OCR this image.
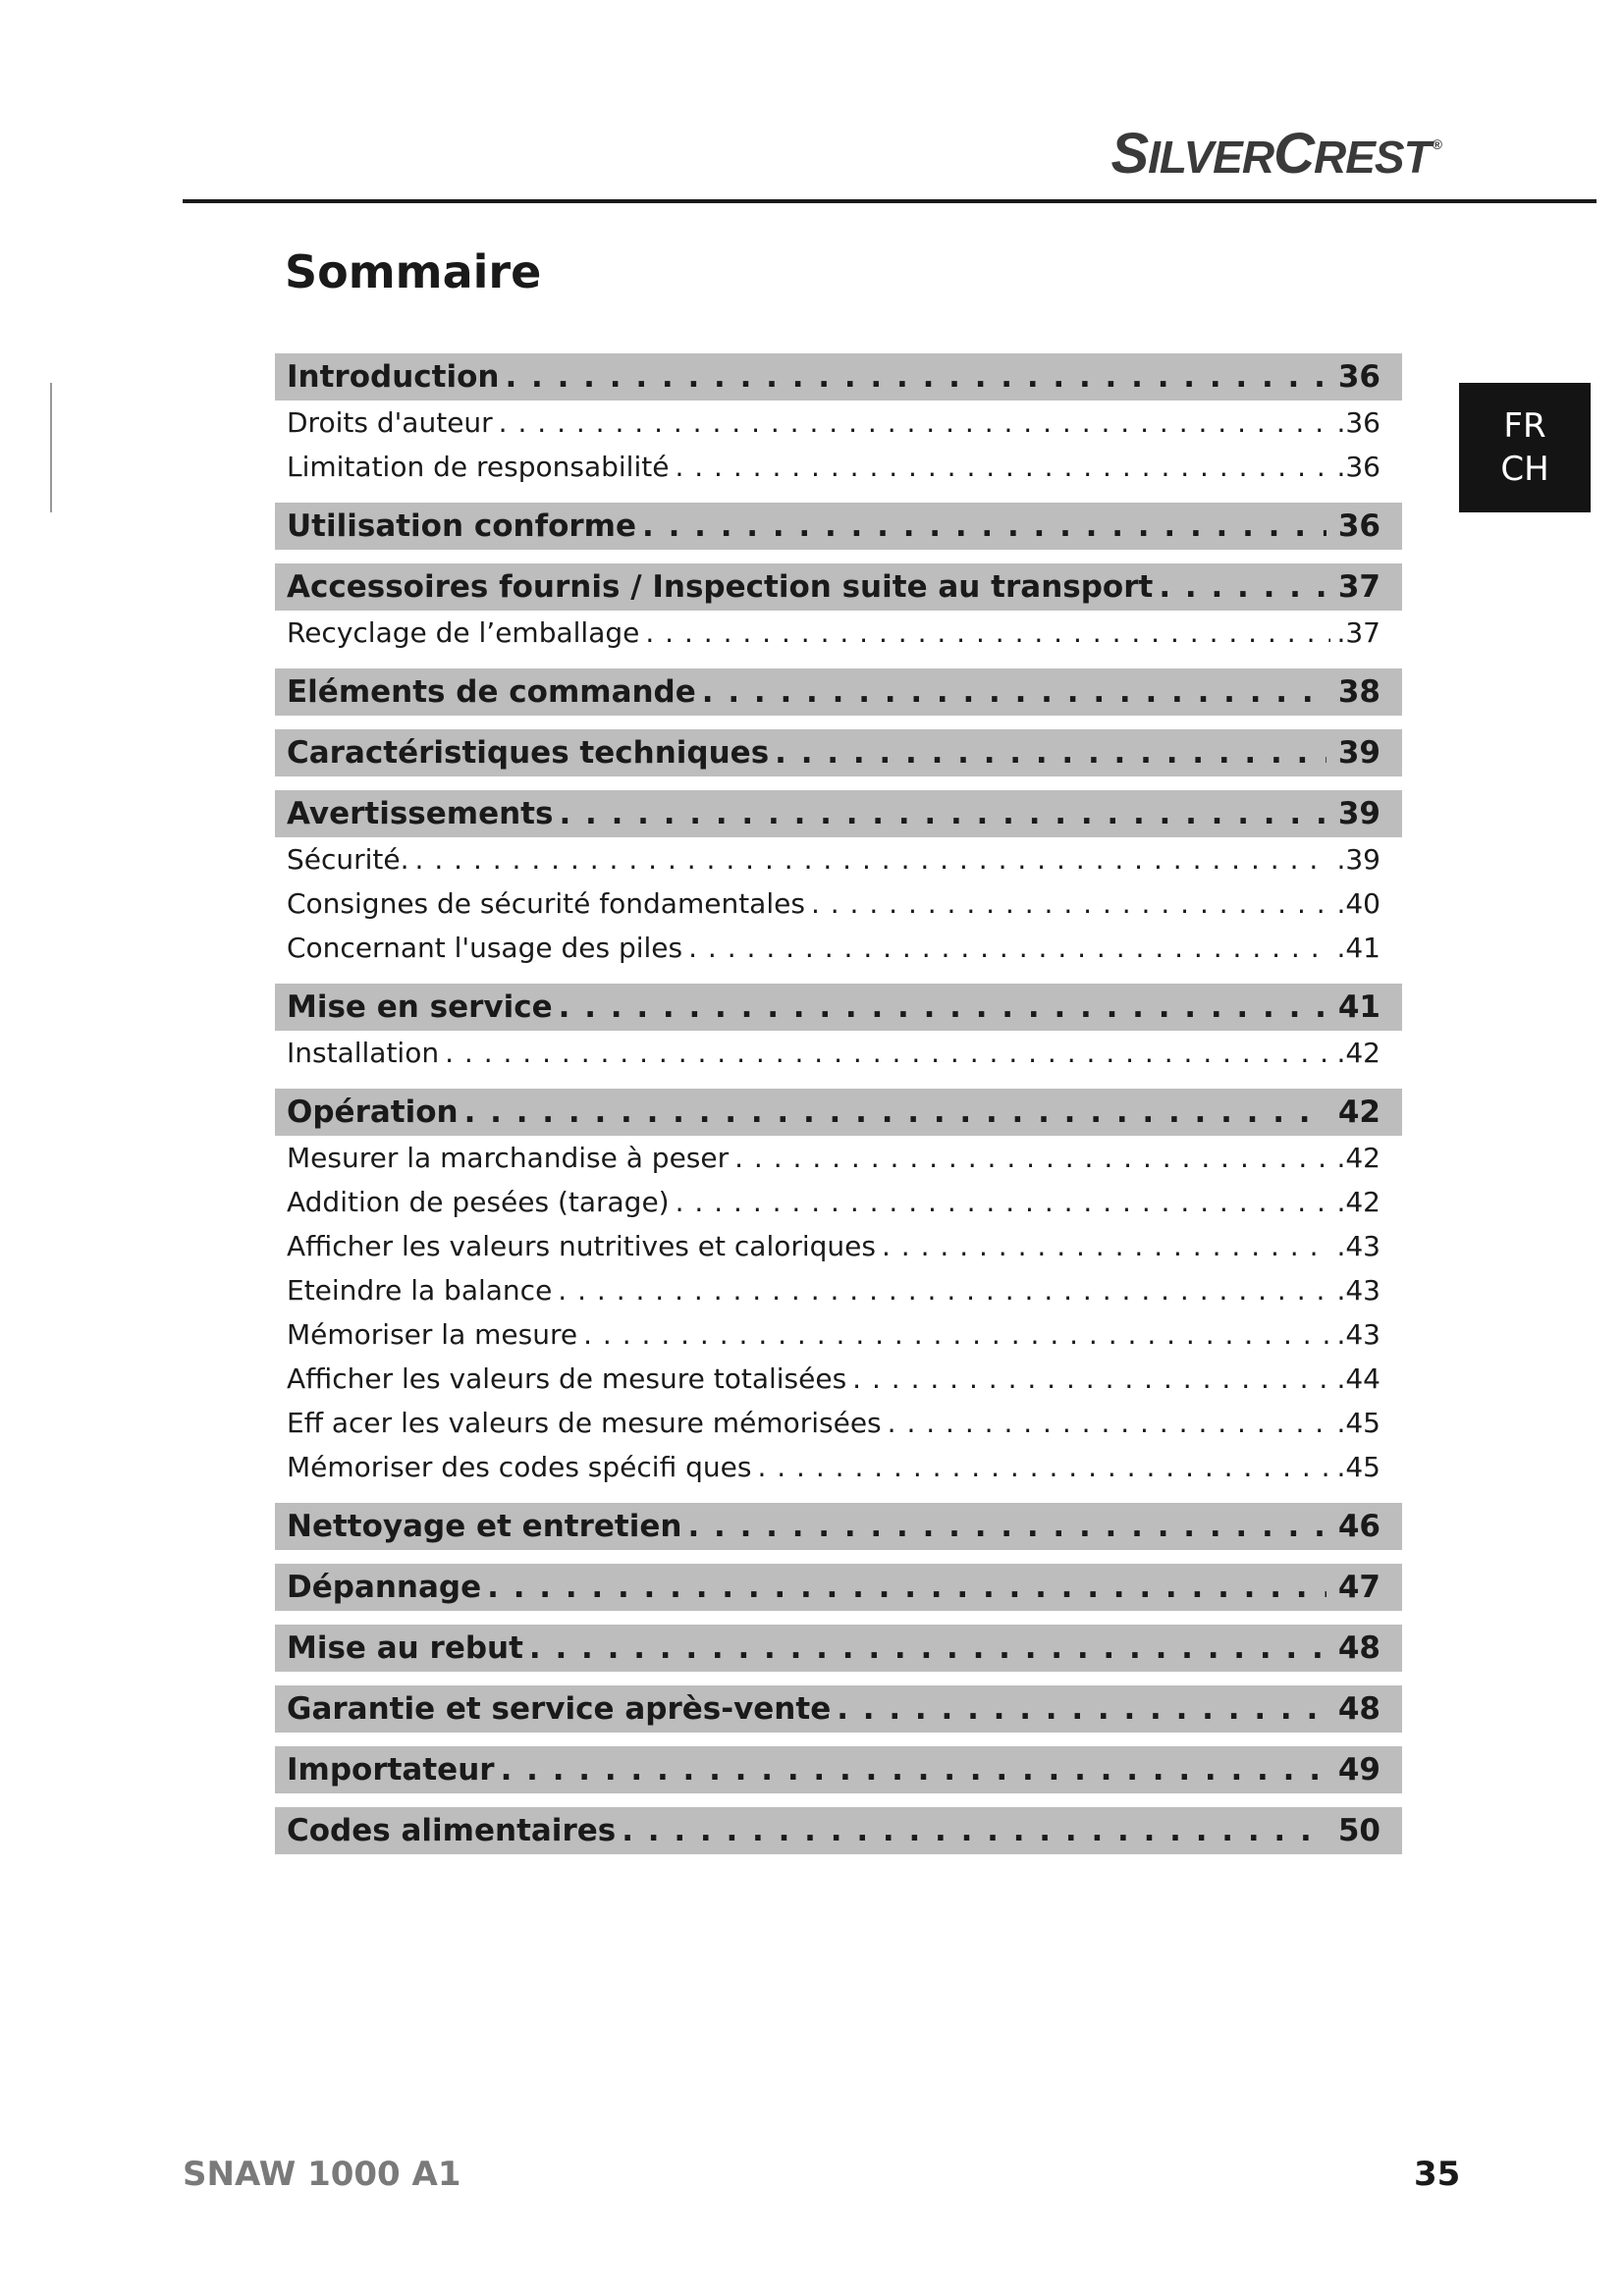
SILVERCREST ®
Sommaire
FR
CH
Introduction . . .	36
Droits d'auteur . . .	.36
Limitation de responsabilité . . .	.36
Utilisation conforme . . .	36
Accessoires fournis / Inspection suite au transport . . .	37
Recyclage de l’emballage . . .	.37
Eléments de commande . . .	38
Caractéristiques techniques . . .	39
Avertissements . . .	39
Sécurité. . . .	.39
Consignes de sécurité fondamentales . . .	.40
Concernant l'usage des piles . . .	.41
Mise en service . . .	41
Installation . . .	.42
Opération . . .	42
Mesurer la marchandise à peser . . .	.42
Addition de pesées (tarage) . . .	.42
Afficher les valeurs nutritives et caloriques . . .	.43
Eteindre la balance . . .	.43
Mémoriser la mesure . . .	.43
Afficher les valeurs de mesure totalisées . . .	.44
Eff acer les valeurs de mesure mémorisées . . .	.45
Mémoriser des codes spécifi ques . . .	.45
Nettoyage et entretien . . .	46
Dépannage . . .	47
Mise au rebut . . .	48
Garantie et service après-vente . . .	48
Importateur . . .	49
Codes alimentaires . . .	50
SNAW 1000 A1	35
